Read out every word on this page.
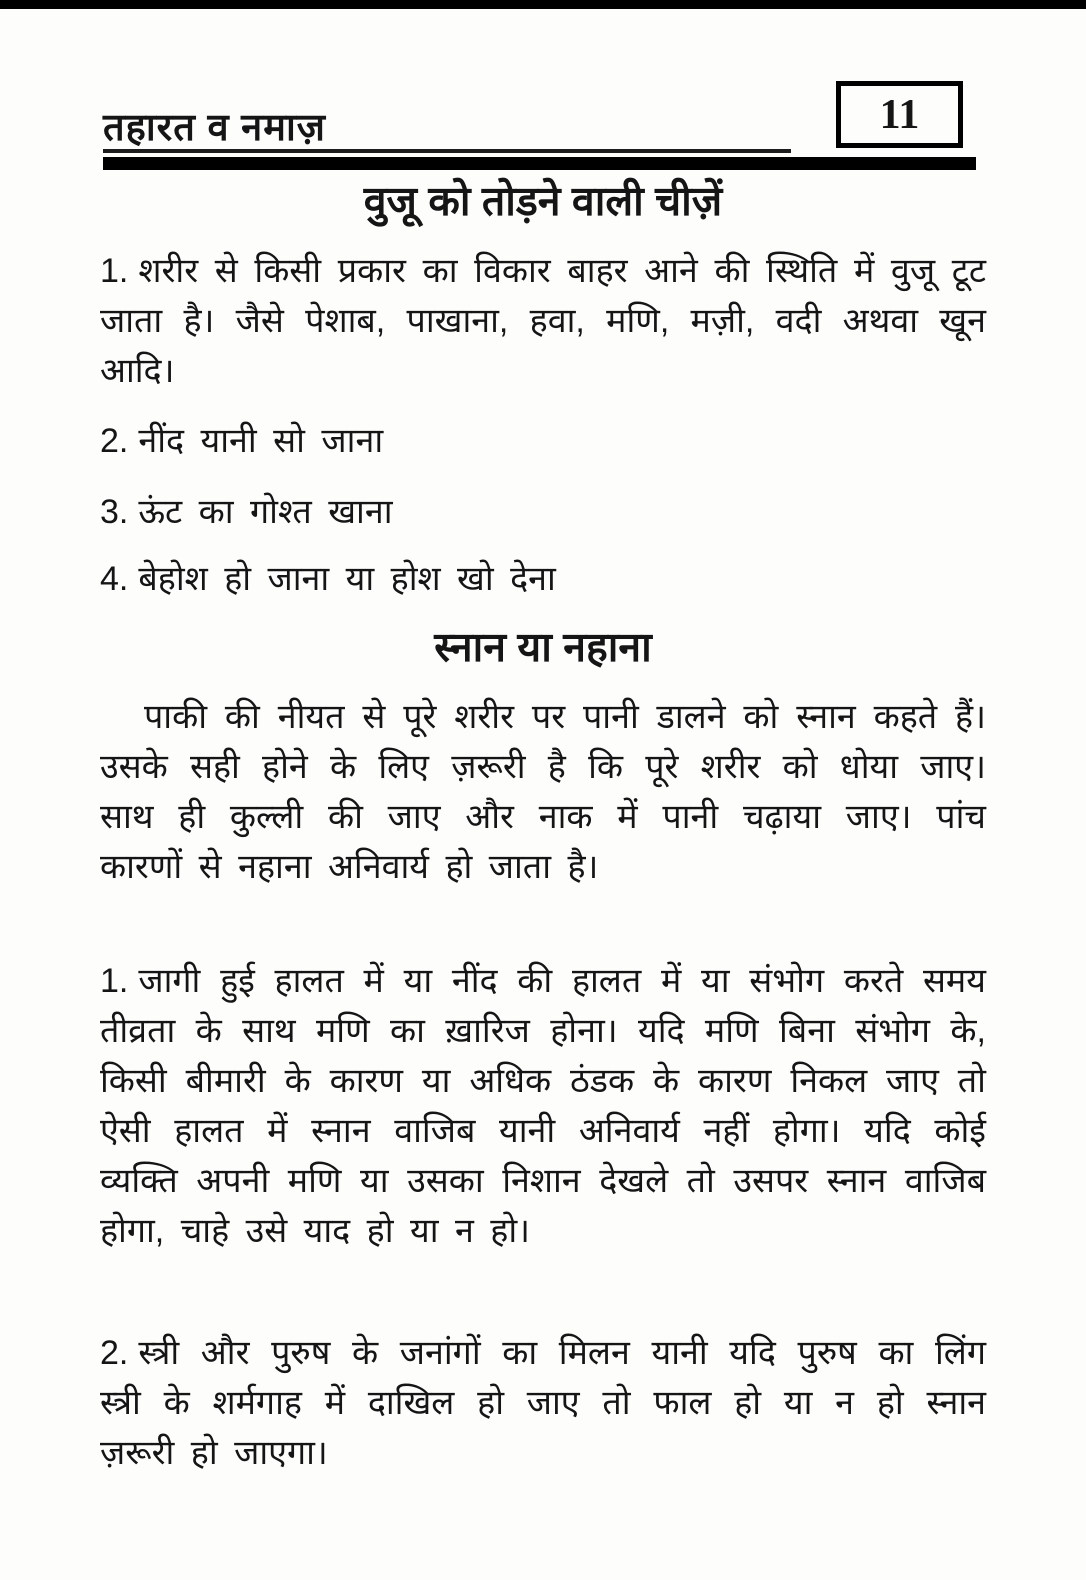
तहारत व नमाज़	11
वुजू को तोड़ने वाली चीज़ें

1. शरीर से किसी प्रकार का विकार बाहर आने की स्थिति में वुजू टूट जाता है। जैसे पेशाब, पाखाना, हवा, मणि, मज़ी, वदी अथवा खून आदि।

2. नींद यानी सो जाना

3. ऊंट का गोश्त खाना

4. बेहोश हो जाना या होश खो देना

स्नान या नहाना

पाकी की नीयत से पूरे शरीर पर पानी डालने को स्नान कहते हैं। उसके सही होने के लिए ज़रूरी है कि पूरे शरीर को धोया जाए। साथ ही कुल्ली की जाए और नाक में पानी चढ़ाया जाए। पांच कारणों से नहाना अनिवार्य हो जाता है।

1. जागी हुई हालत में या नींद की हालत में या संभोग करते समय तीव्रता के साथ मणि का ख़ारिज होना। यदि मणि बिना संभोग के, किसी बीमारी के कारण या अधिक ठंडक के कारण निकल जाए तो ऐसी हालत में स्नान वाजिब यानी अनिवार्य नहीं होगा। यदि कोई व्यक्ति अपनी मणि या उसका निशान देखले तो उसपर स्नान वाजिब होगा, चाहे उसे याद हो या न हो।

2. स्त्री और पुरुष के जनांगों का मिलन यानी यदि पुरुष का लिंग स्त्री के शर्मगाह में दाखिल हो जाए तो फाल हो या न हो स्नान ज़रूरी हो जाएगा।
